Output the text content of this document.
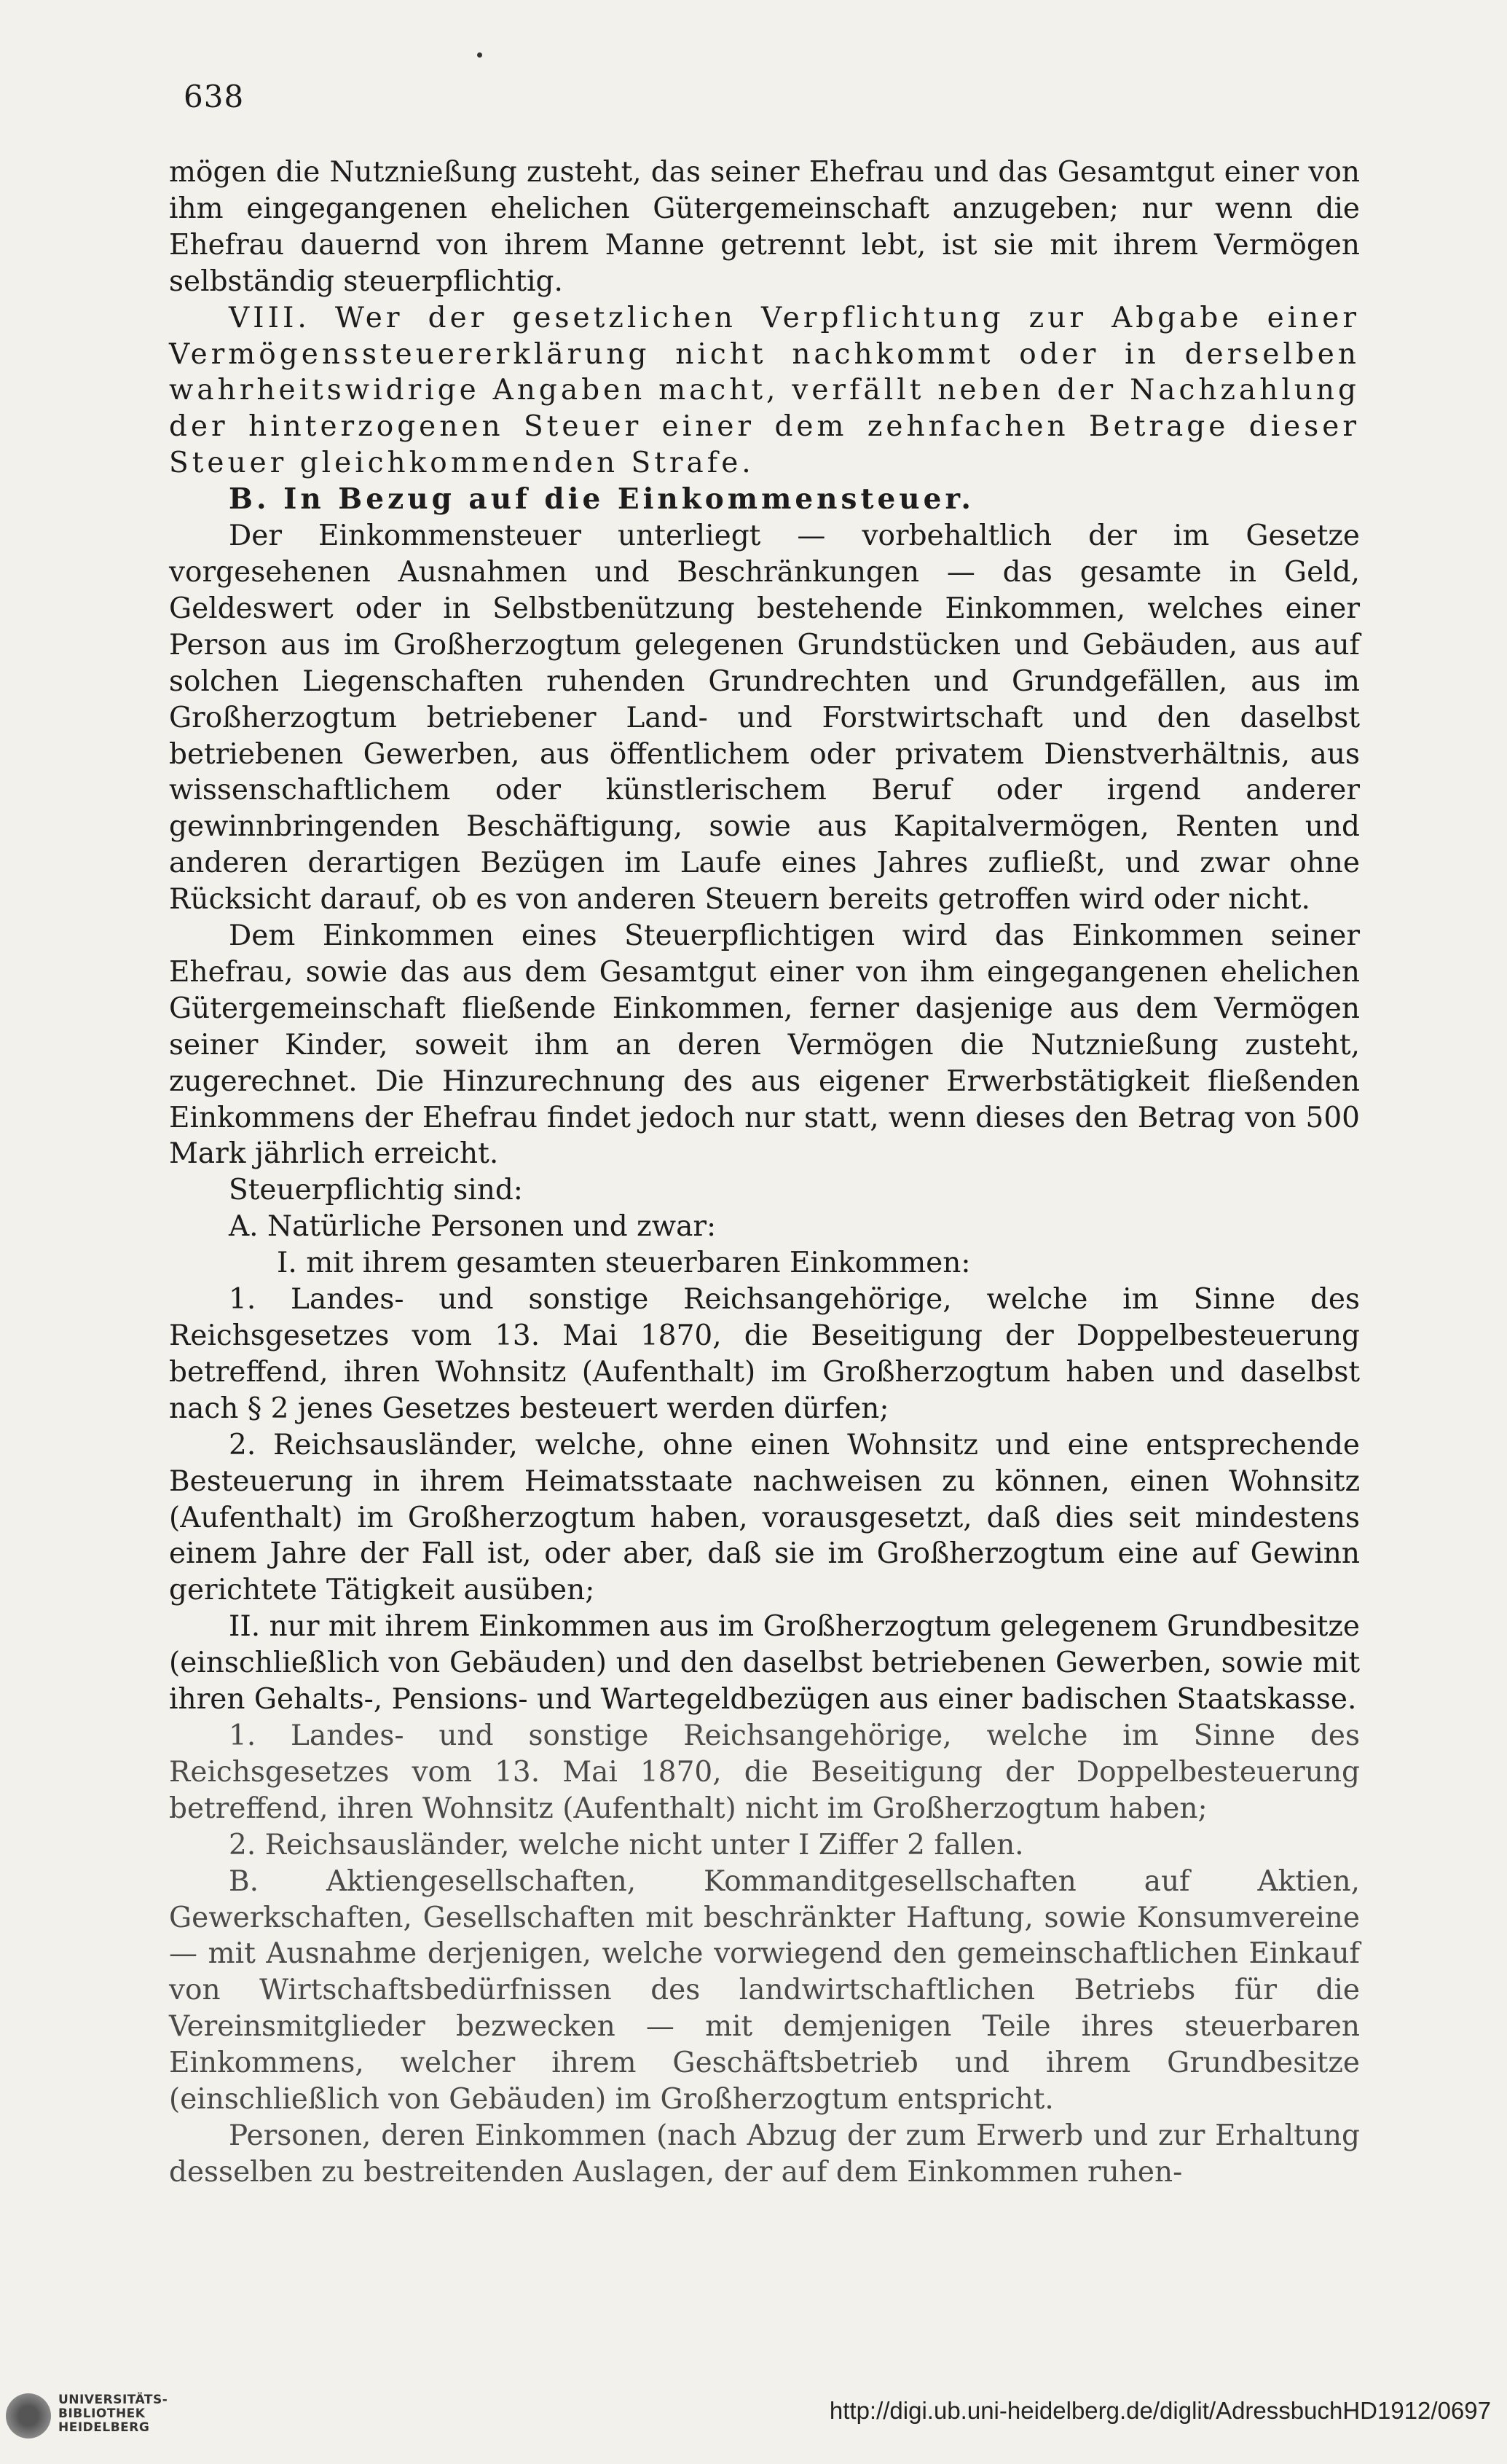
638

mögen die Nutznießung zusteht, das seiner Ehefrau und das Gesamtgut einer von ihm eingegangenen ehelichen Gütergemeinschaft anzugeben; nur wenn die Ehefrau dauernd von ihrem Manne getrennt lebt, ist sie mit ihrem Vermögen selbständig steuerpflichtig.

VIII. Wer der gesetzlichen Verpflichtung zur Abgabe einer Vermögenssteuererklärung nicht nachkommt oder in derselben wahrheitswidrige Angaben macht, verfällt neben der Nachzahlung der hinterzogenen Steuer einer dem zehnfachen Betrage dieser Steuer gleichkommenden Strafe.

B. In Bezug auf die Einkommensteuer.

Der Einkommensteuer unterliegt — vorbehaltlich der im Gesetze vorgesehenen Ausnahmen und Beschränkungen — das gesamte in Geld, Geldeswert oder in Selbstbenützung bestehende Einkommen, welches einer Person aus im Großherzogtum gelegenen Grundstücken und Gebäuden, aus auf solchen Liegenschaften ruhenden Grundrechten und Grundgefällen, aus im Großherzogtum betriebener Land- und Forstwirtschaft und den daselbst betriebenen Gewerben, aus öffentlichem oder privatem Dienstverhältnis, aus wissenschaftlichem oder künstlerischem Beruf oder irgend anderer gewinnbringenden Beschäftigung, sowie aus Kapitalvermögen, Renten und anderen derartigen Bezügen im Laufe eines Jahres zufließt, und zwar ohne Rücksicht darauf, ob es von anderen Steuern bereits getroffen wird oder nicht.

Dem Einkommen eines Steuerpflichtigen wird das Einkommen seiner Ehefrau, sowie das aus dem Gesamtgut einer von ihm eingegangenen ehelichen Gütergemeinschaft fließende Einkommen, ferner dasjenige aus dem Vermögen seiner Kinder, soweit ihm an deren Vermögen die Nutznießung zusteht, zugerechnet. Die Hinzurechnung des aus eigener Erwerbstätigkeit fließenden Einkommens der Ehefrau findet jedoch nur statt, wenn dieses den Betrag von 500 Mark jährlich erreicht.

Steuerpflichtig sind:

A. Natürliche Personen und zwar:

I. mit ihrem gesamten steuerbaren Einkommen:

1. Landes- und sonstige Reichsangehörige, welche im Sinne des Reichsgesetzes vom 13. Mai 1870, die Beseitigung der Doppelbesteuerung betreffend, ihren Wohnsitz (Aufenthalt) im Großherzogtum haben und daselbst nach § 2 jenes Gesetzes besteuert werden dürfen;

2. Reichsausländer, welche, ohne einen Wohnsitz und eine entsprechende Besteuerung in ihrem Heimatsstaate nachweisen zu können, einen Wohnsitz (Aufenthalt) im Großherzogtum haben, vorausgesetzt, daß dies seit mindestens einem Jahre der Fall ist, oder aber, daß sie im Großherzogtum eine auf Gewinn gerichtete Tätigkeit ausüben;

II. nur mit ihrem Einkommen aus im Großherzogtum gelegenem Grundbesitze (einschließlich von Gebäuden) und den daselbst betriebenen Gewerben, sowie mit ihren Gehalts-, Pensions- und Wartegeldbezügen aus einer badischen Staatskasse.

1. Landes- und sonstige Reichsangehörige, welche im Sinne des Reichsgesetzes vom 13. Mai 1870, die Beseitigung der Doppelbesteuerung betreffend, ihren Wohnsitz (Aufenthalt) nicht im Großherzogtum haben;

2. Reichsausländer, welche nicht unter I Ziffer 2 fallen.

B. Aktiengesellschaften, Kommanditgesellschaften auf Aktien, Gewerkschaften, Gesellschaften mit beschränkter Haftung, sowie Konsumvereine — mit Ausnahme derjenigen, welche vorwiegend den gemeinschaftlichen Einkauf von Wirtschaftsbedürfnissen des landwirtschaftlichen Betriebs für die Vereinsmitglieder bezwecken — mit demjenigen Teile ihres steuerbaren Einkommens, welcher ihrem Geschäftsbetrieb und ihrem Grundbesitze (einschließlich von Gebäuden) im Großherzogtum entspricht.

Personen, deren Einkommen (nach Abzug der zum Erwerb und zur Erhaltung desselben zu bestreitenden Auslagen, der auf dem Einkommen ruhen-

UNIVERSITÄTS-
BIBLIOTHEK
HEIDELBERG
http://digi.ub.uni-heidelberg.de/diglit/AdressbuchHD1912/0697
